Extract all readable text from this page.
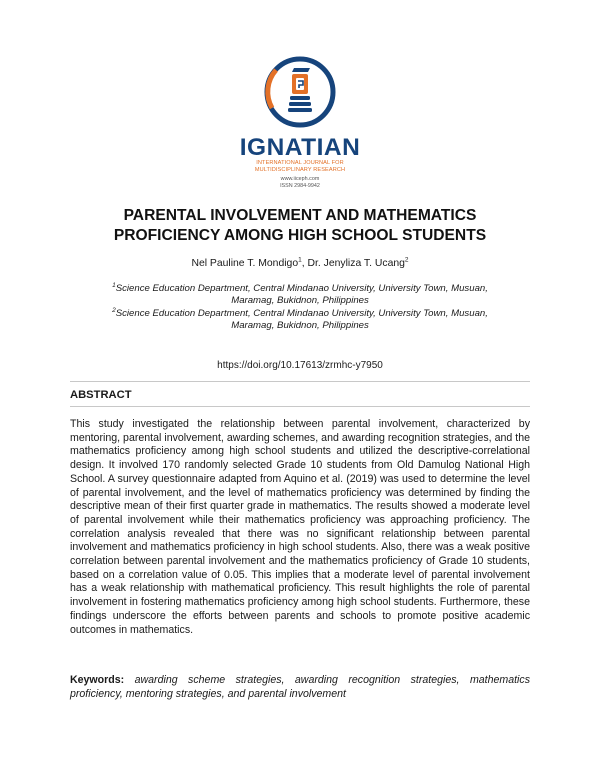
IGNATIAN
INTERNATIONAL JOURNAL FOR
MULTIDISCIPLINARY RESEARCH
www.iiceph.com
ISSN 2984-9942
PARENTAL INVOLVEMENT AND MATHEMATICS
PROFICIENCY AMONG HIGH SCHOOL STUDENTS
Nel Pauline T. Mondigo$^1$, Dr. Jenyliza T. Ucang$^2$
$^1$Science Education Department, Central Mindanao University, University Town, Musuan,
Maramag, Bukidnon, Philippines
$^2$Science Education Department, Central Mindanao University, University Town, Musuan,
Maramag, Bukidnon, Philippines
https://doi.org/10.17613/zrmhc-y7950
ABSTRACT

This study investigated the relationship between parental involvement, characterized by mentoring, parental involvement, awarding schemes, and awarding recognition strategies, and the mathematics proficiency among high school students and utilized the descriptive-correlational design. It involved 170 randomly selected Grade 10 students from Old Damulog National High School. A survey questionnaire adapted from Aquino et al. (2019) was used to determine the level of parental involvement, and the level of mathematics proficiency was determined by finding the descriptive mean of their first quarter grade in mathematics. The results showed a moderate level of parental involvement while their mathematics proficiency was approaching proficiency. The correlation analysis revealed that there was no significant relationship between parental involvement and mathematics proficiency in high school students. Also, there was a weak positive correlation between parental involvement and the mathematics proficiency of Grade 10 students, based on a correlation value of 0.05. This implies that a moderate level of parental involvement has a weak relationship with mathematical proficiency. This result highlights the role of parental involvement in fostering mathematics proficiency among high school students. Furthermore, these findings underscore the efforts between parents and schools to promote positive academic outcomes in mathematics.

Keywords: awarding scheme strategies, awarding recognition strategies, mathematics proficiency, mentoring strategies, and parental involvement
